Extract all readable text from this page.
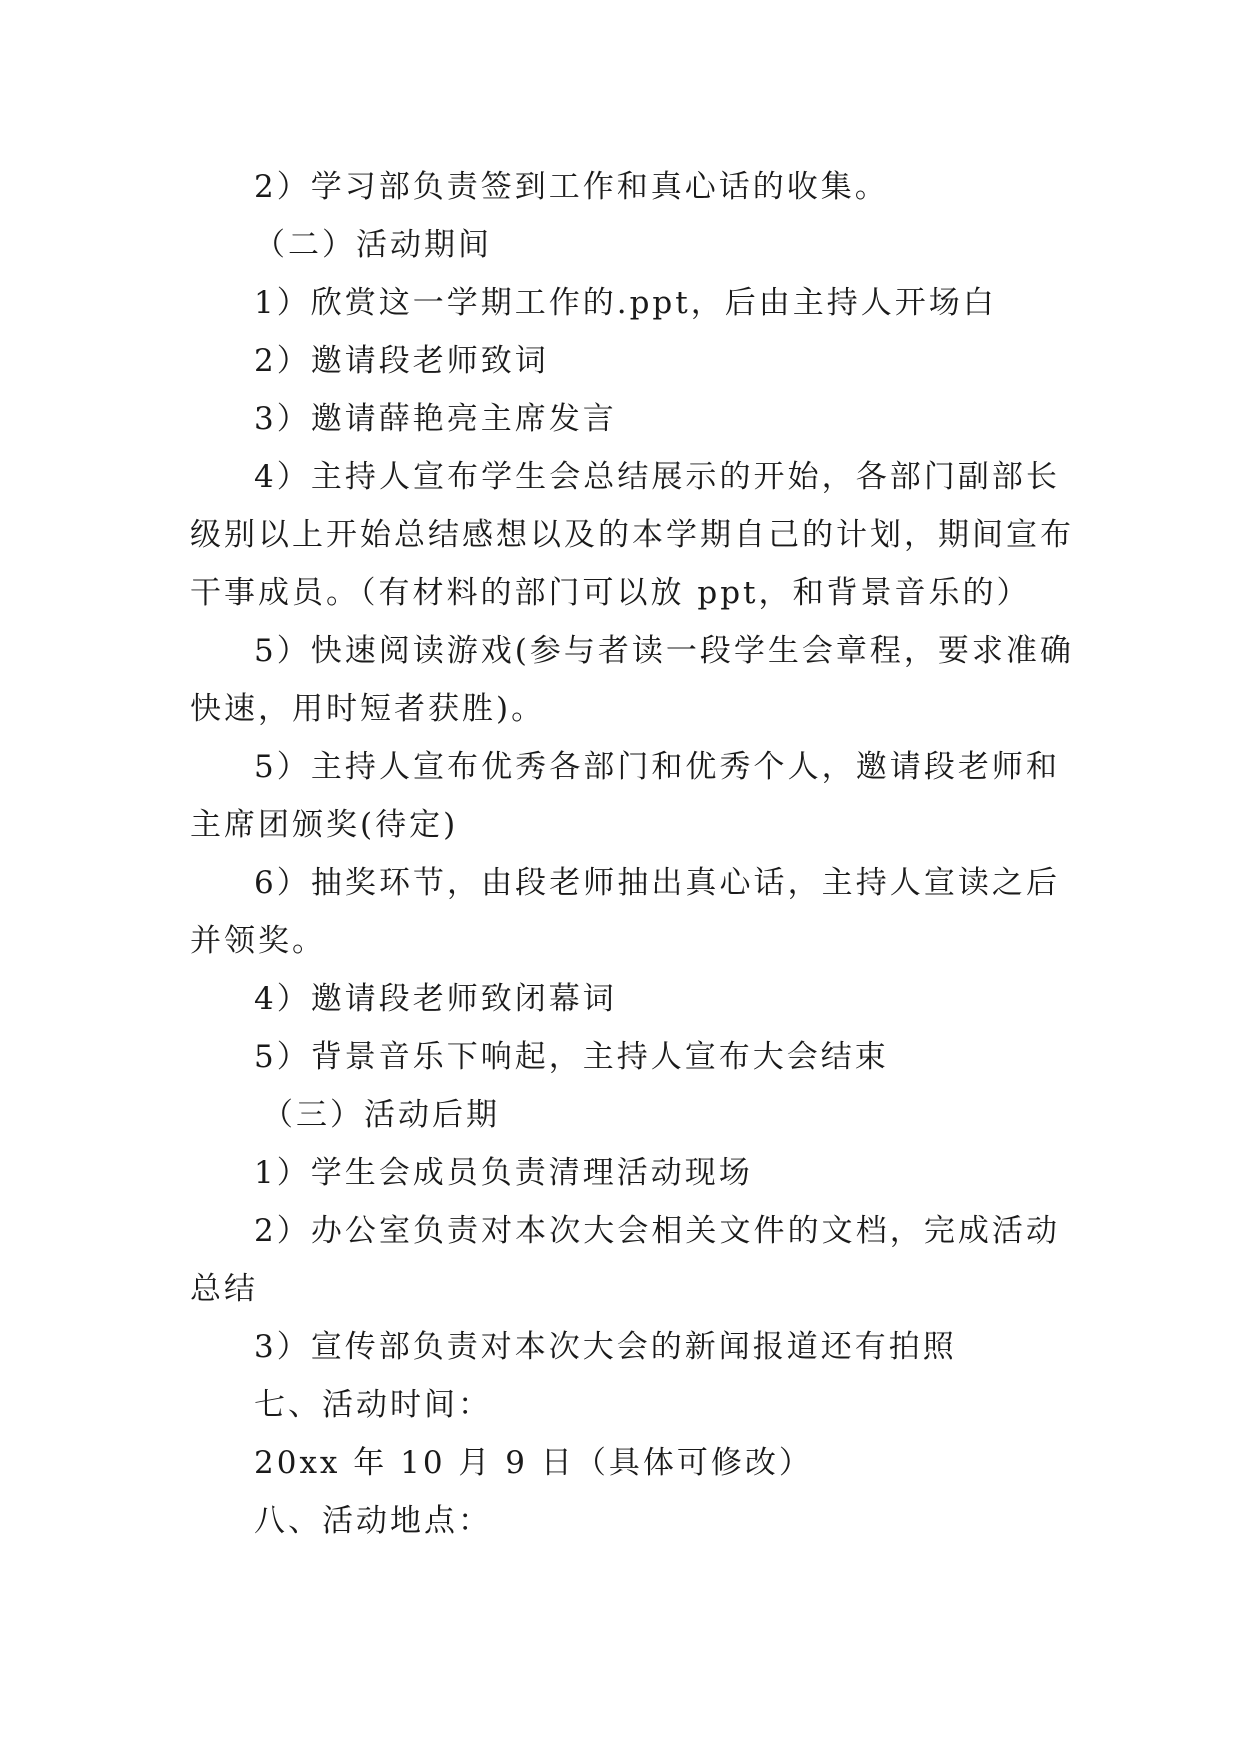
2）学习部负责签到工作和真心话的收集。
（二）活动期间
1）欣赏这一学期工作的.ppt，后由主持人开场白
2）邀请段老师致词
3）邀请薛艳亮主席发言
4）主持人宣布学生会总结展示的开始，各部门副部长
级别以上开始总结感想以及的本学期自己的计划，期间宣布
干事成员。（有材料的部门可以放 ppt，和背景音乐的）
5）快速阅读游戏(参与者读一段学生会章程，要求准确
快速，用时短者获胜)。
5）主持人宣布优秀各部门和优秀个人，邀请段老师和
主席团颁奖(待定)
6）抽奖环节，由段老师抽出真心话，主持人宣读之后
并领奖。
4）邀请段老师致闭幕词
5）背景音乐下响起，主持人宣布大会结束
（三）活动后期
1）学生会成员负责清理活动现场
2）办公室负责对本次大会相关文件的文档，完成活动
总结
3）宣传部负责对本次大会的新闻报道还有拍照
七、活动时间：
20xx 年 10 月 9 日（具体可修改）
八、活动地点：
